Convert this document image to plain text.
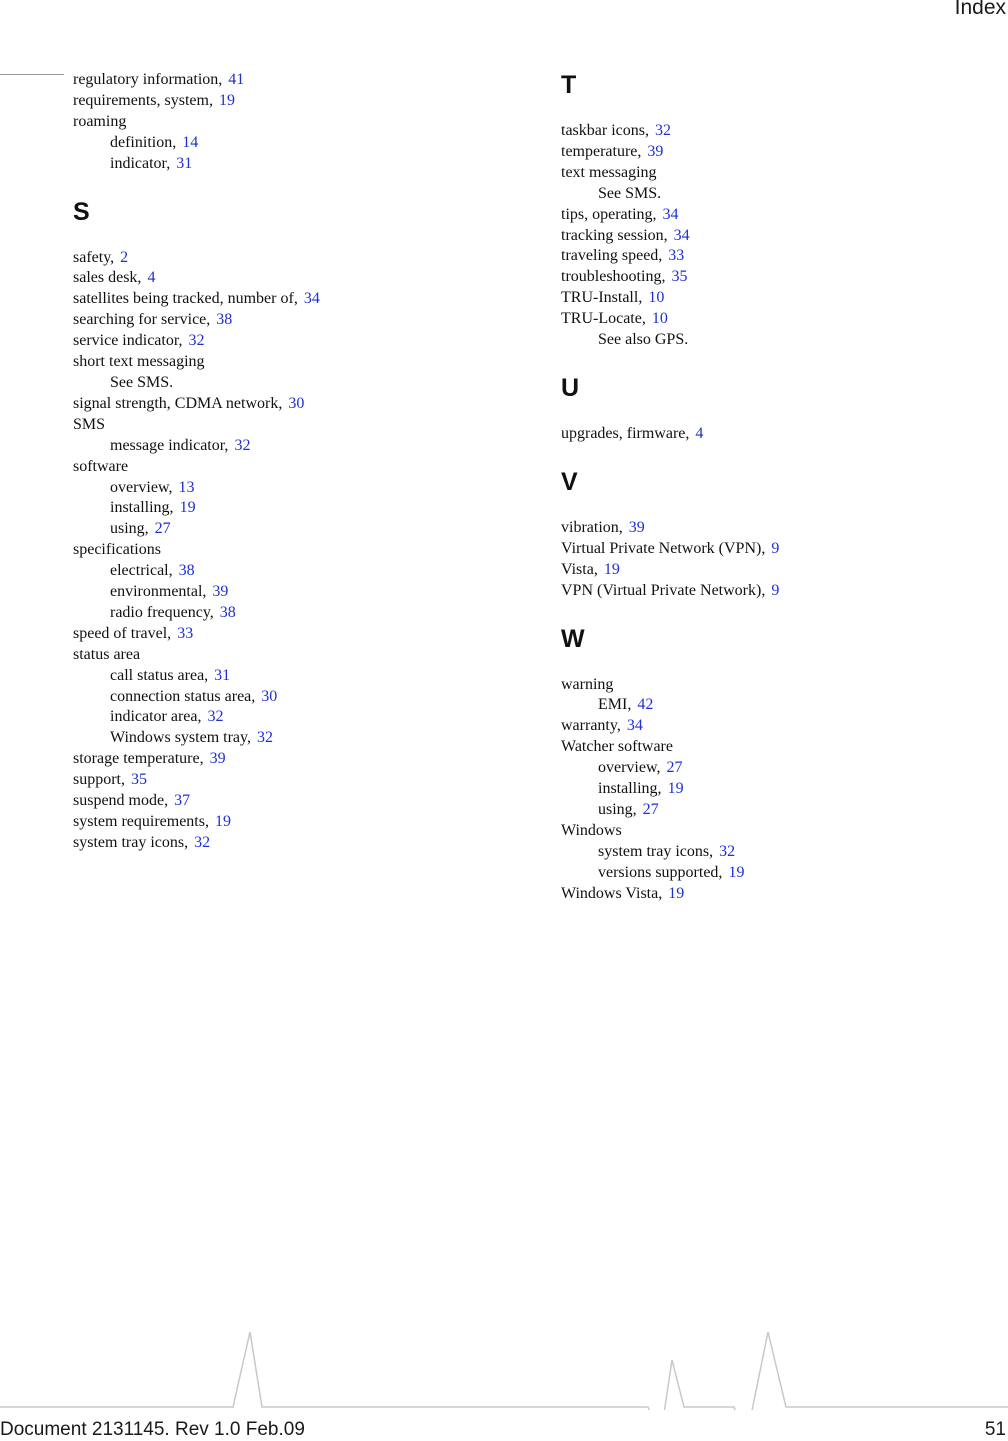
Index
regulatory information, 41
requirements, system, 19
roaming
definition, 14
indicator, 31
S
safety, 2
sales desk, 4
satellites being tracked, number of, 34
searching for service, 38
service indicator, 32
short text messaging
See SMS.
signal strength, CDMA network, 30
SMS
message indicator, 32
software
overview, 13
installing, 19
using, 27
specifications
electrical, 38
environmental, 39
radio frequency, 38
speed of travel, 33
status area
call status area, 31
connection status area, 30
indicator area, 32
Windows system tray, 32
storage temperature, 39
support, 35
suspend mode, 37
system requirements, 19
system tray icons, 32
T
taskbar icons, 32
temperature, 39
text messaging
See SMS.
tips, operating, 34
tracking session, 34
traveling speed, 33
troubleshooting, 35
TRU-Install, 10
TRU-Locate, 10
See also GPS.
U
upgrades, firmware, 4
V
vibration, 39
Virtual Private Network (VPN), 9
Vista, 19
VPN (Virtual Private Network), 9
W
warning
EMI, 42
warranty, 34
Watcher software
overview, 27
installing, 19
using, 27
Windows
system tray icons, 32
versions supported, 19
Windows Vista, 19
Document 2131145. Rev 1.0 Feb.09	51
